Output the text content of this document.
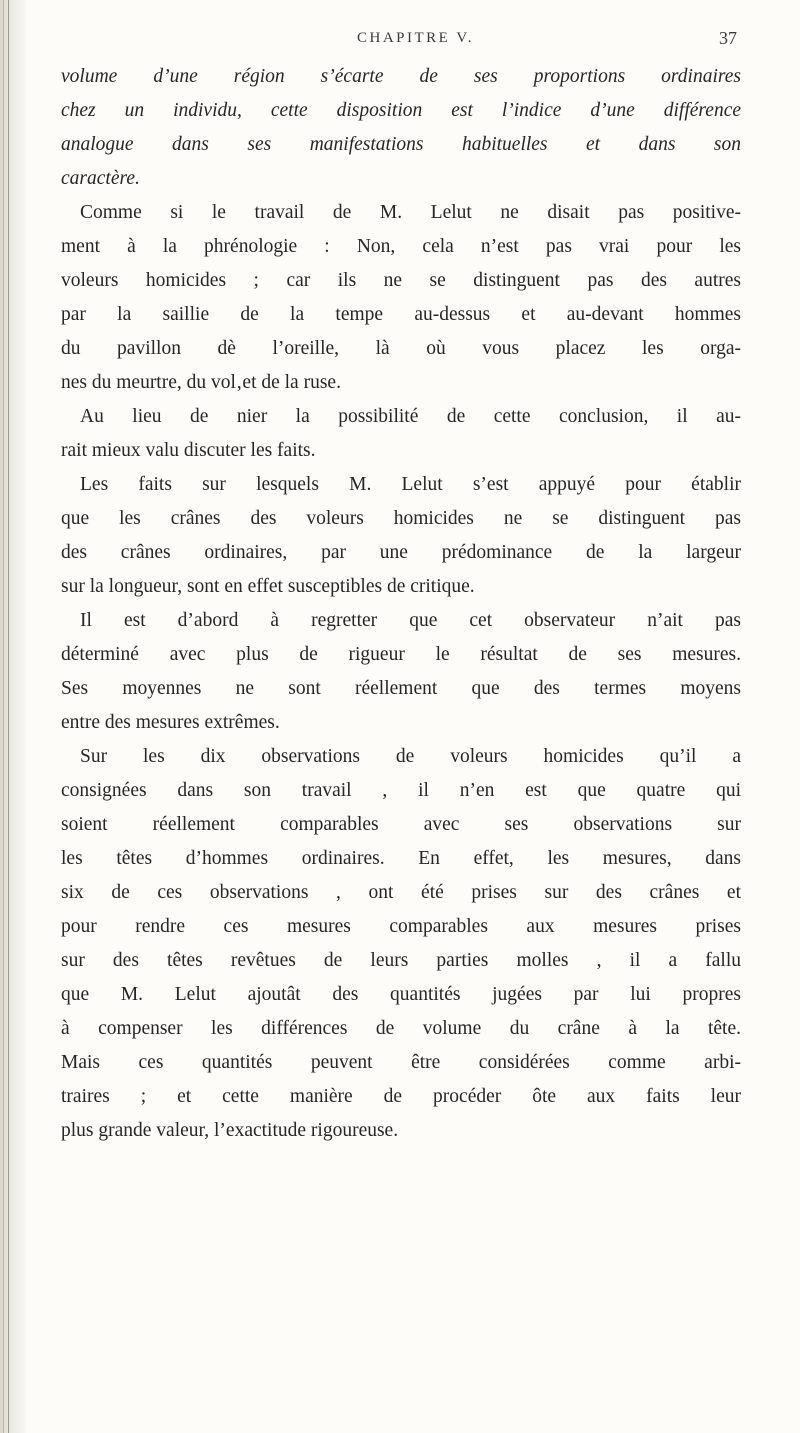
CHAPITRE V.	37
volume d’une région s’écarte de ses proportions ordinaires
chez un individu, cette disposition est l’indice d’une différence
analogue dans ses manifestations habituelles et dans son
caractère.
Comme si le travail de M. Lelut ne disait pas positive-
ment à la phrénologie : Non, cela n’est pas vrai pour les
voleurs homicides ; car ils ne se distinguent pas des autres
par la saillie de la tempe au-dessus et au-devant hommes
du pavillon dè l’oreille, là où vous placez les orga-
nes du meurtre, du vol‚et de la ruse.
Au lieu de nier la possibilité de cette conclusion, il au-
rait mieux valu discuter les faits.
Les faits sur lesquels M. Lelut s’est appuyé pour établir
que les crânes des voleurs homicides ne se distinguent pas
des crânes ordinaires, par une prédominance de la largeur
sur la longueur, sont en effet susceptibles de critique.
Il est d’abord à regretter que cet observateur n’ait pas
déterminé avec plus de rigueur le résultat de ses mesures.
Ses moyennes ne sont réellement que des termes moyens
entre des mesures extrêmes.
Sur les dix observations de voleurs homicides qu’il a
consignées dans son travail , il n’en est que quatre qui
soient réellement comparables avec ses observations sur
les têtes d’hommes ordinaires. En effet, les mesures, dans
six de ces observations , ont été prises sur des crânes et
pour rendre ces mesures comparables aux mesures prises
sur des têtes revêtues de leurs parties molles , il a fallu
que M. Lelut ajoutât des quantités jugées par lui propres
à compenser les différences de volume du crâne à la tête.
Mais ces quantités peuvent être considérées comme arbi-
traires ; et cette manière de procéder ôte aux faits leur
plus grande valeur, l’exactitude rigoureuse.
